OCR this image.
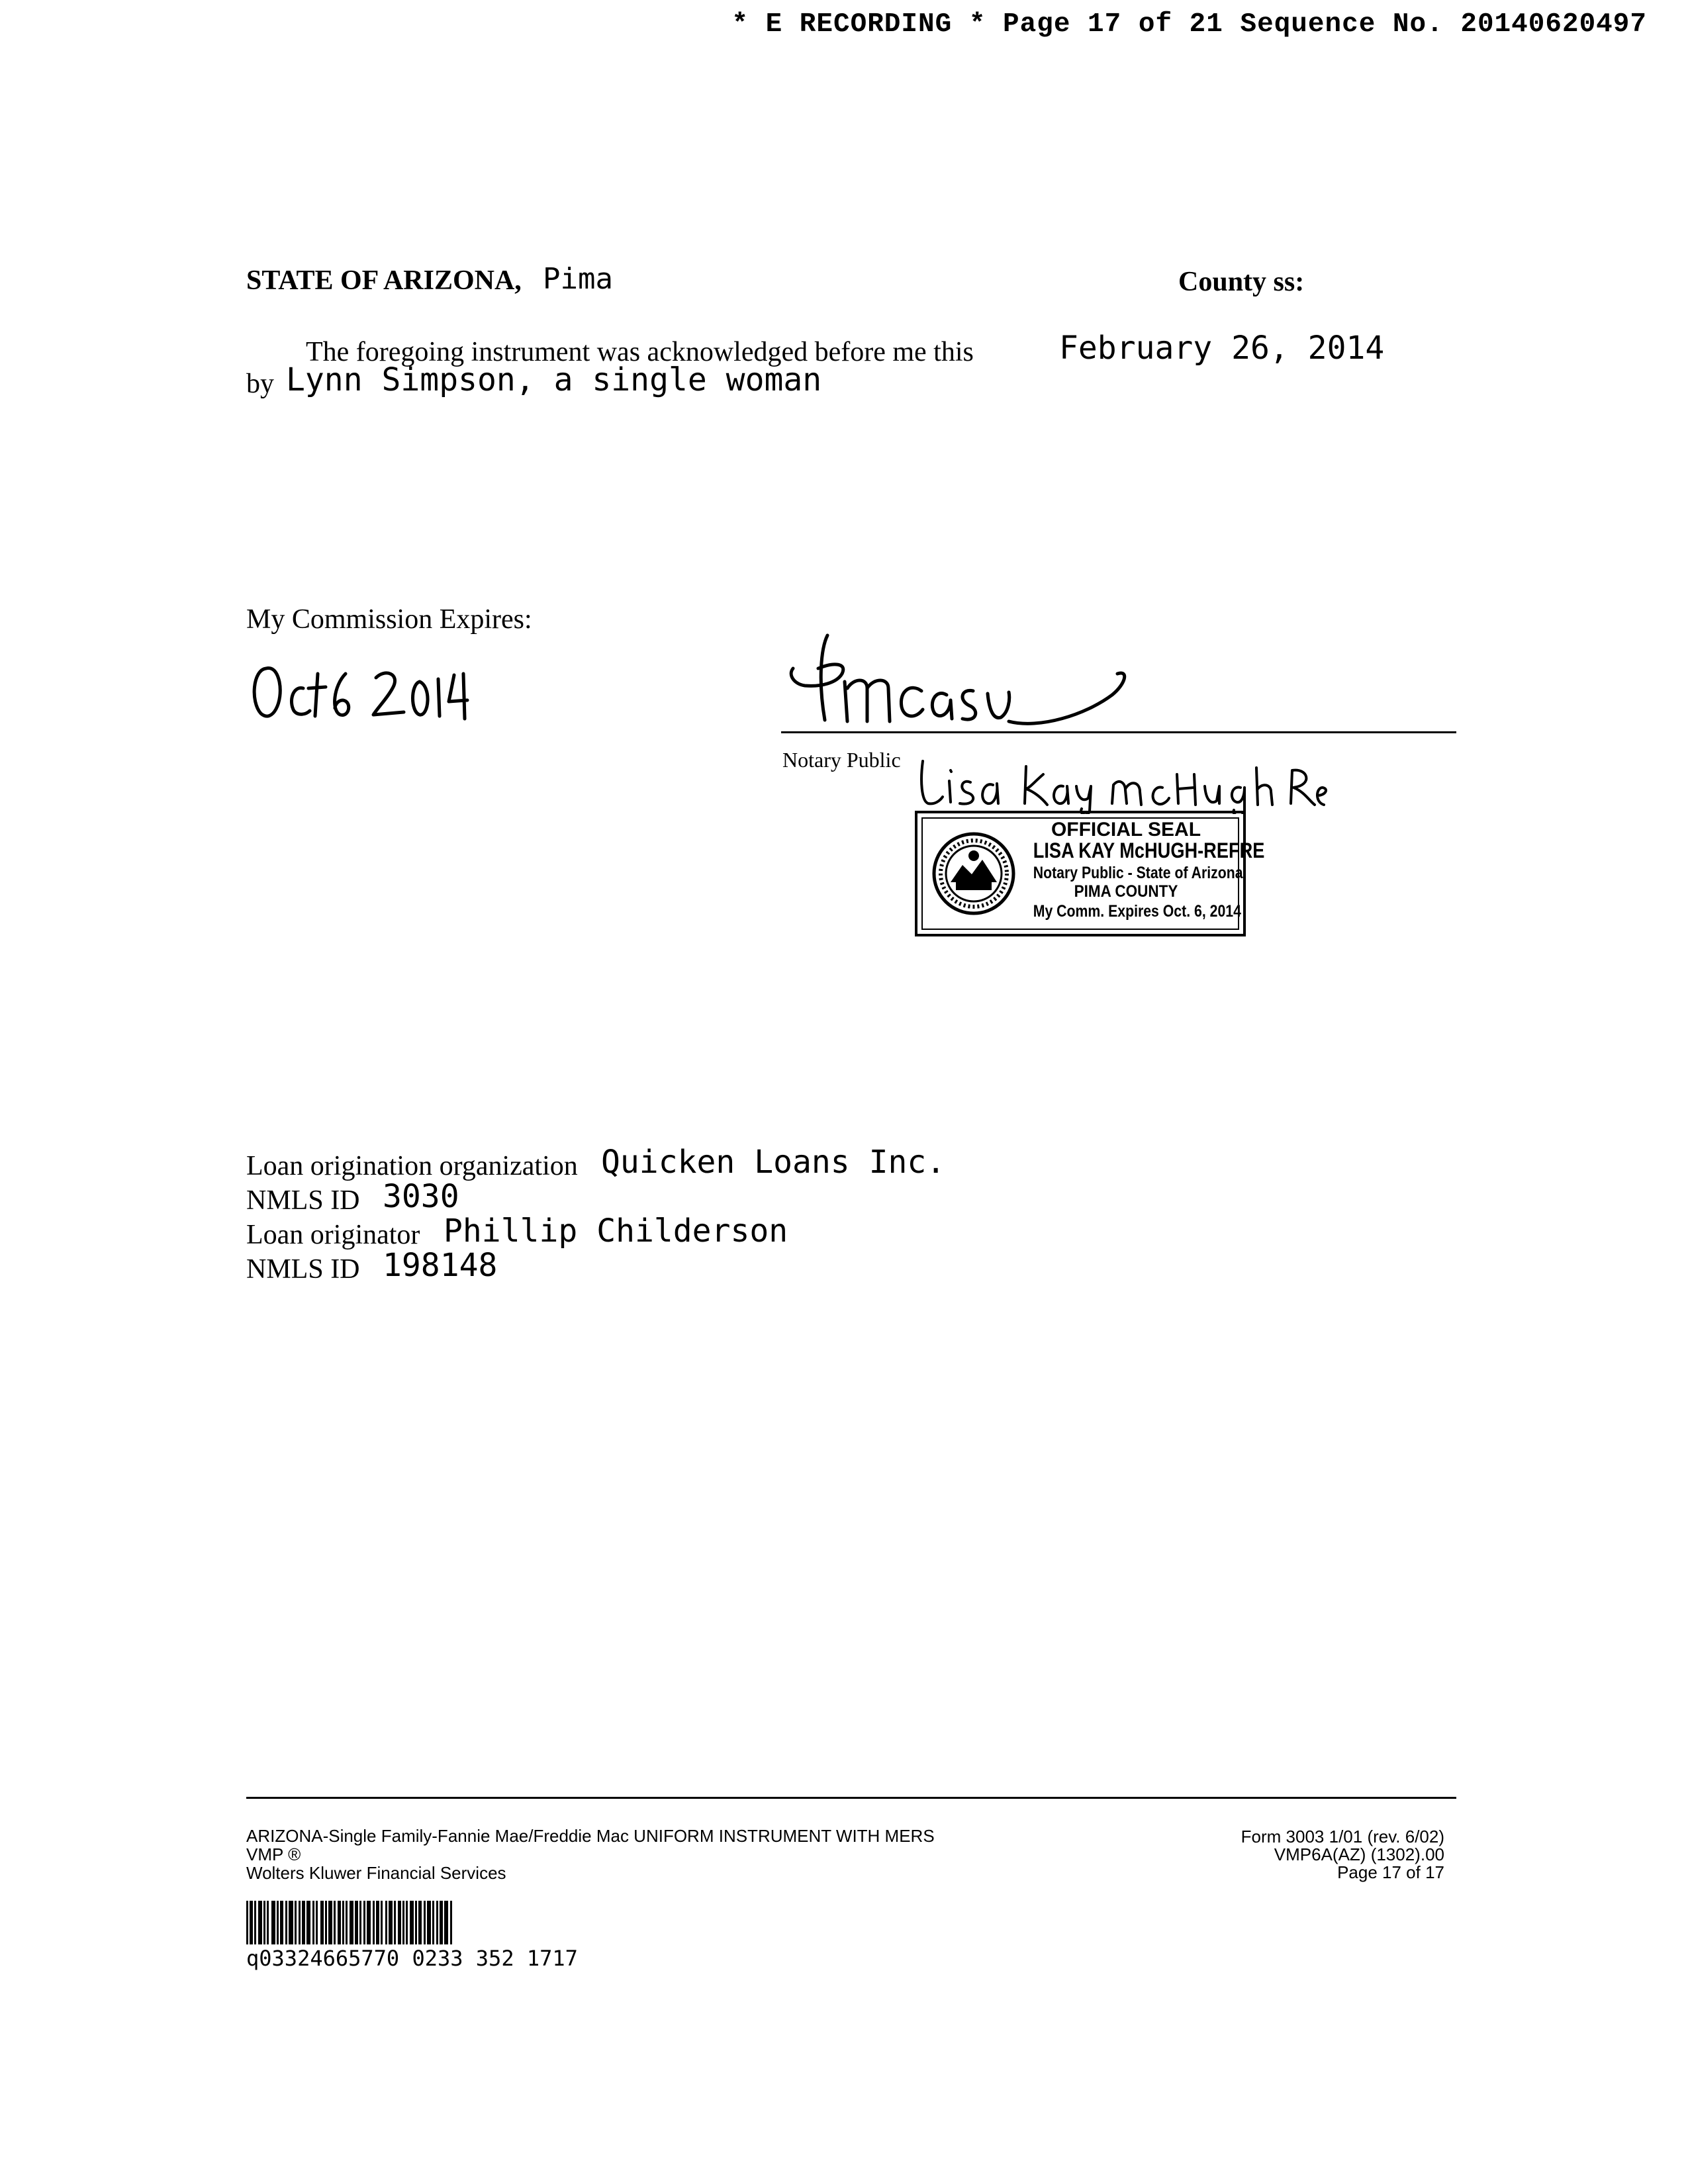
* E RECORDING * Page 17 of 21 Sequence No. 20140620497
STATE OF ARIZONA, Pima	County ss:
The foregoing instrument was acknowledged before me this	February 26, 2014
by Lynn Simpson, a single woman
My Commission Expires:
Notary Public
OFFICIAL SEAL
LISA KAY McHUGH-REFRE
Notary Public - State of Arizona
PIMA COUNTY
My Comm. Expires Oct. 6, 2014
Loan origination organization Quicken Loans Inc.
NMLS ID 3030
Loan originator Phillip Childerson
NMLS ID 198148
ARIZONA-Single Family-Fannie Mae/Freddie Mac UNIFORM INSTRUMENT WITH MERS
VMP ®
Wolters Kluwer Financial Services
Form 3003 1/01 (rev. 6/02)
VMP6A(AZ) (1302).00
Page 17 of 17
q03324665770 0233 352 1717
